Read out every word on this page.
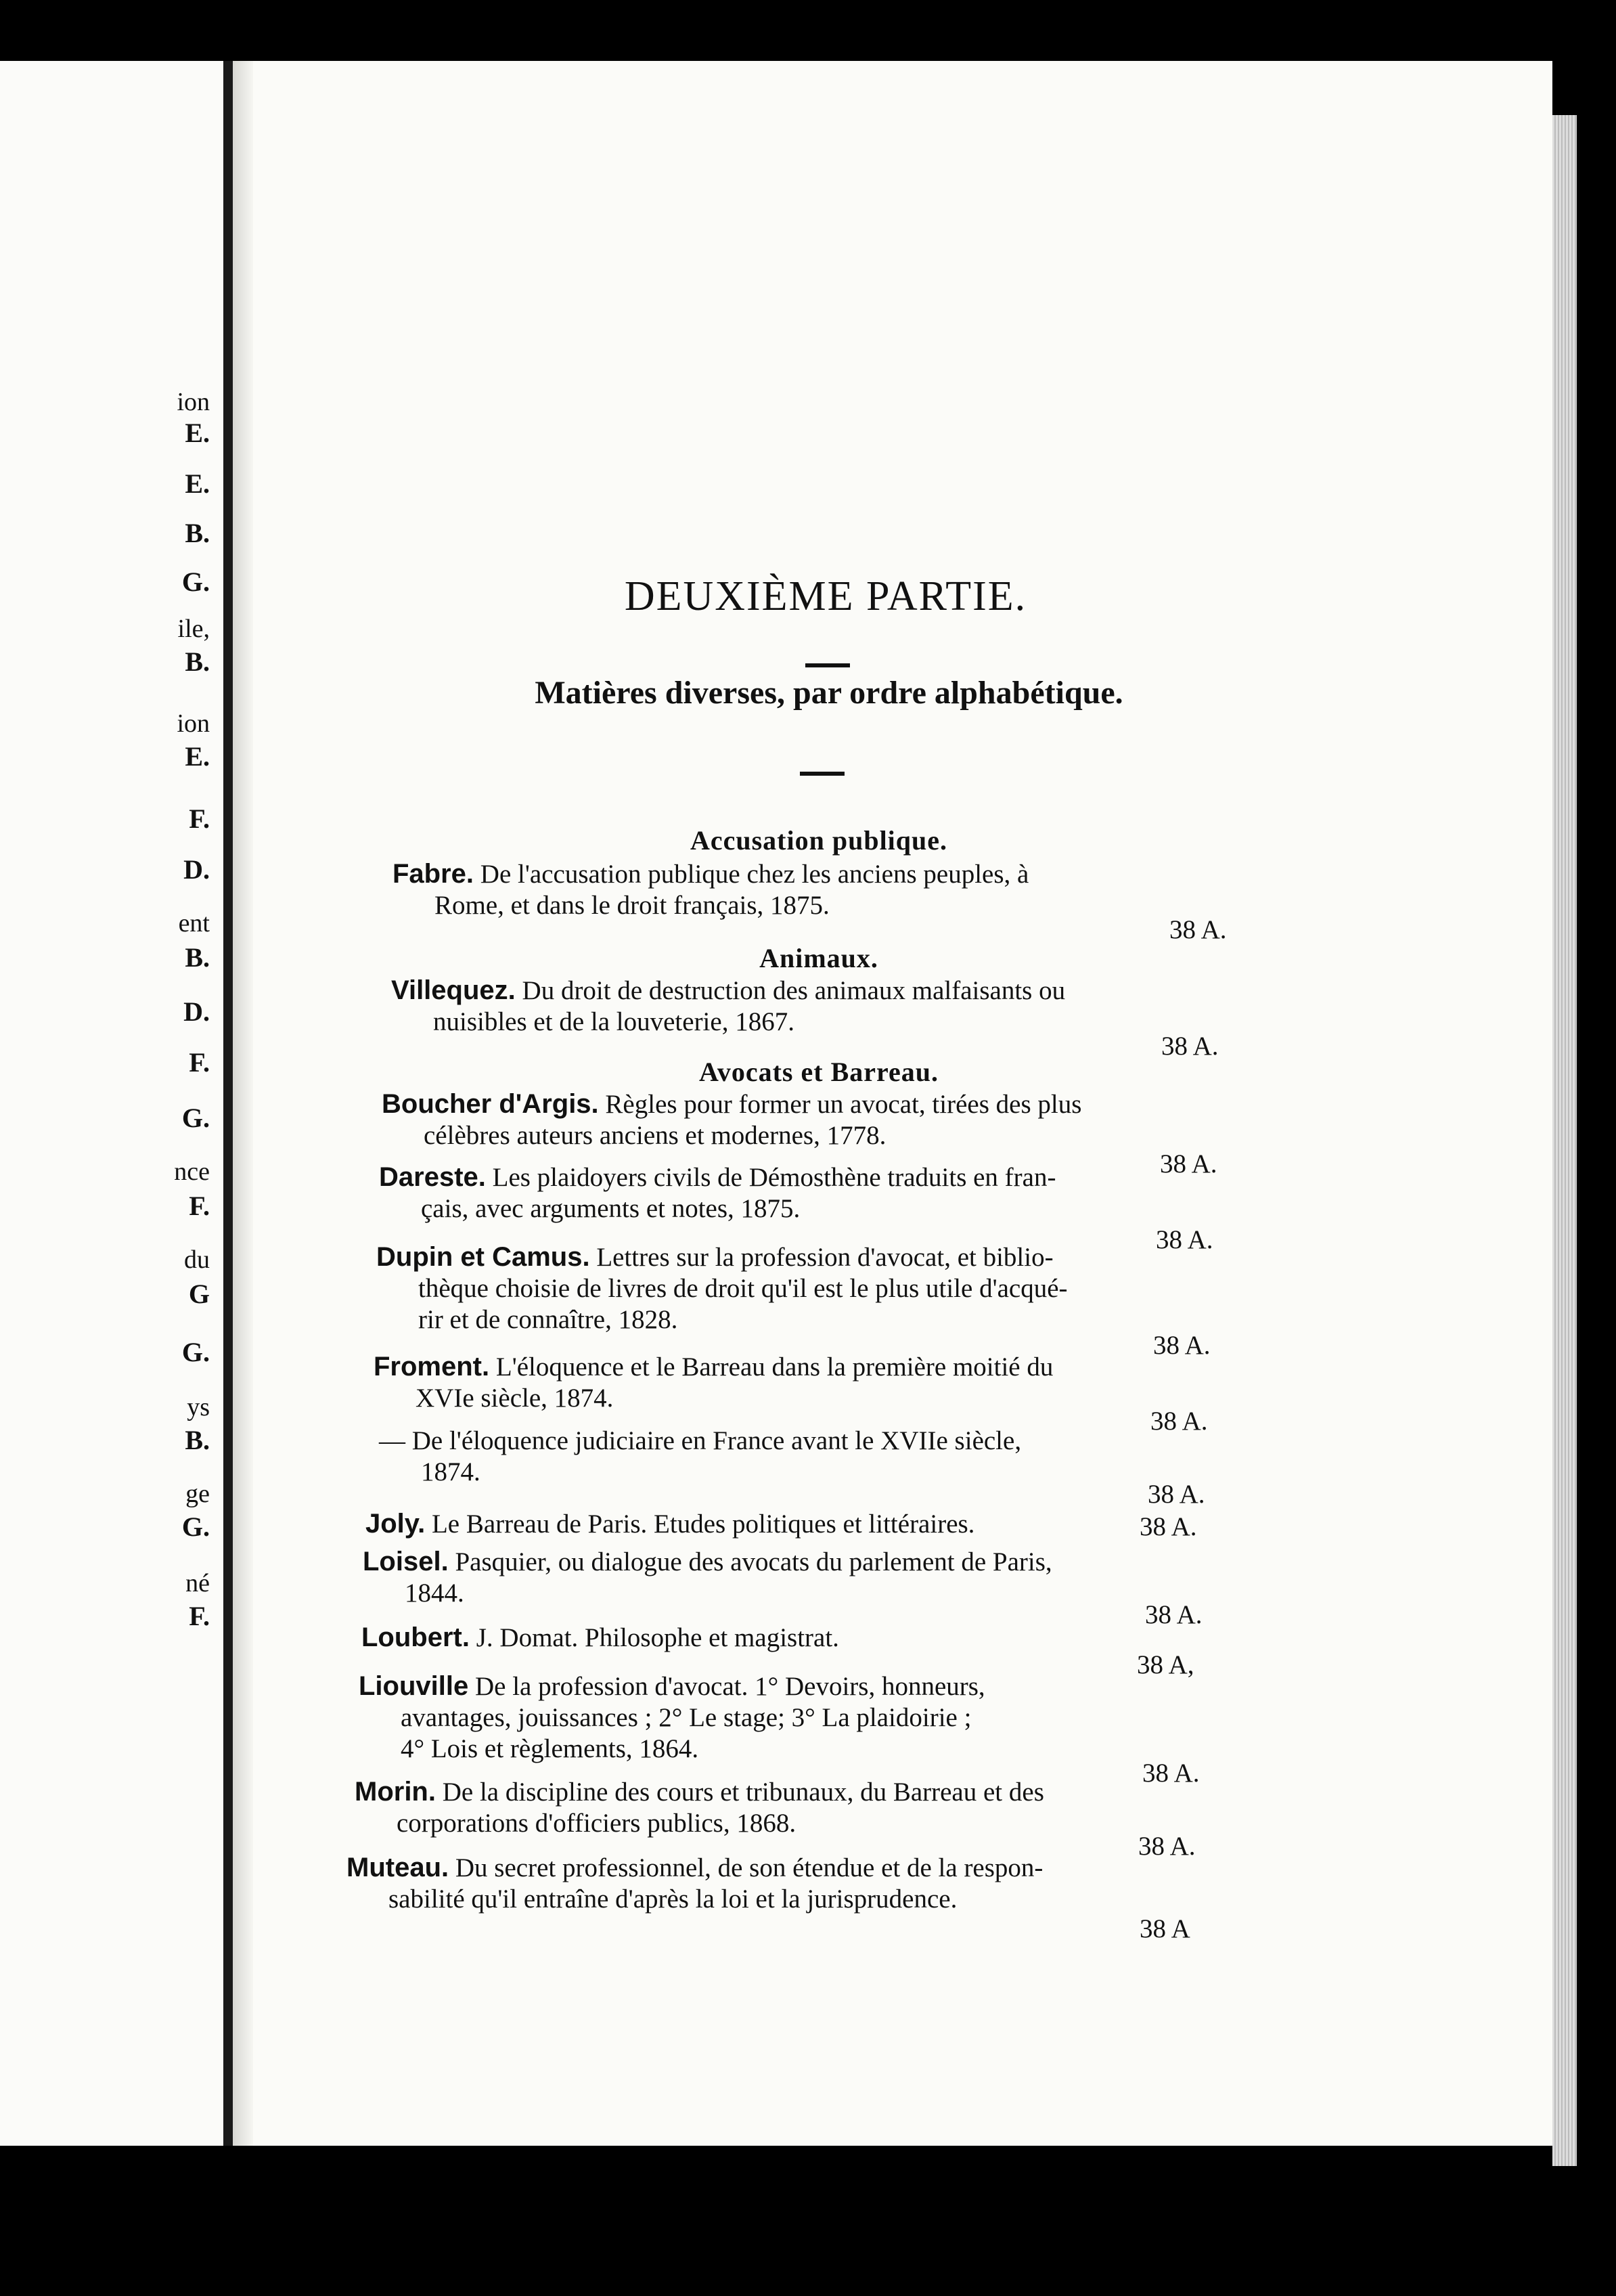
ion
E.
E.
B.
G.
ile,
B.
ion
E.
F.
D.
ent
B.
D.
F.
G.
nce
F.
du
G
G.
ys
B.
ge
G.
né
F.
DEUXIÈME PARTIE.
Matières diverses, par ordre alphabétique.
Accusation publique.
Animaux.
Avocats et Barreau.
Fabre. De l'accusation publique chez les anciens peuples, à
Rome, et dans le droit français, 1875.
38 A.
Villequez. Du droit de destruction des animaux malfaisants ou
nuisibles et de la louveterie, 1867.
38 A.
Boucher d'Argis. Règles pour former un avocat, tirées des plus
célèbres auteurs anciens et modernes, 1778.
38 A.
Dareste. Les plaidoyers civils de Démosthène traduits en fran-
çais, avec arguments et notes, 1875.
38 A.
Dupin et Camus. Lettres sur la profession d'avocat, et biblio-
thèque choisie de livres de droit qu'il est le plus utile d'acqué-
rir et de connaître, 1828.
38 A.
Froment. L'éloquence et le Barreau dans la première moitié du
XVIe siècle, 1874.
38 A.
— De l'éloquence judiciaire en France avant le XVIIe siècle,
1874.
38 A.
Joly. Le Barreau de Paris. Etudes politiques et littéraires.	38 A.
Loisel. Pasquier, ou dialogue des avocats du parlement de Paris,
1844.
38 A.
Loubert. J. Domat. Philosophe et magistrat.
38 A,
Liouville De la profession d'avocat. 1° Devoirs, honneurs,
avantages, jouissances ; 2° Le stage; 3° La plaidoirie ;
4° Lois et règlements, 1864.
38 A.
Morin. De la discipline des cours et tribunaux, du Barreau et des
corporations d'officiers publics, 1868.
38 A.
Muteau. Du secret professionnel, de son étendue et de la respon-
sabilité qu'il entraîne d'après la loi et la jurisprudence.
38 A
